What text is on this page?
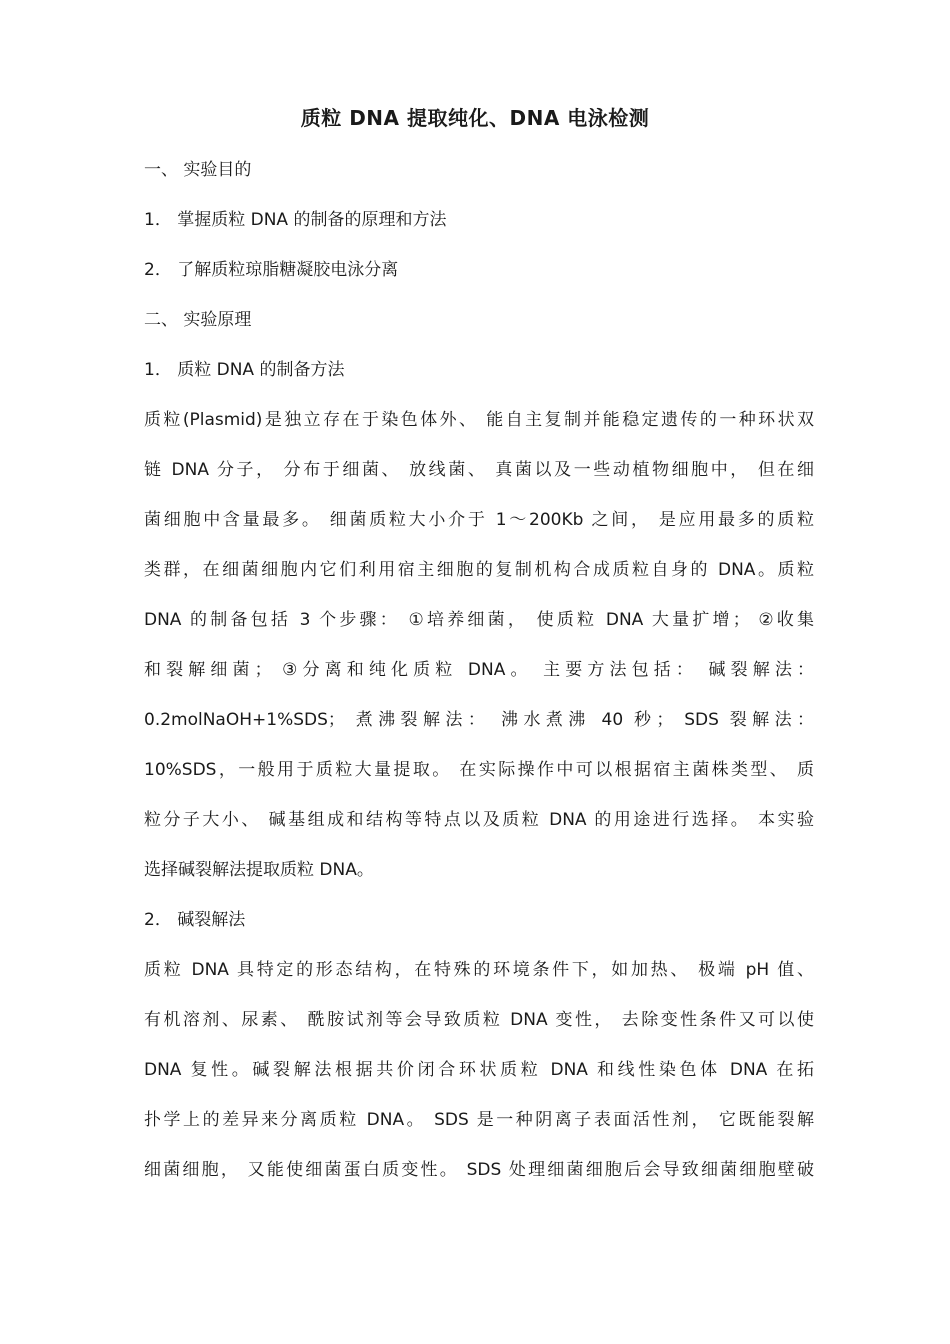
质粒 DNA 提取纯化、DNA 电泳检测
一、 实验目的
1． 掌握质粒 DNA 的制备的原理和方法
2． 了解质粒琼脂糖凝胶电泳分离
二、 实验原理
1． 质粒 DNA 的制备方法
质粒(Plasmid)是独立存在于染色体外、 能自主复制并能稳定遗传的一种环状双
链 DNA 分子， 分布于细菌、 放线菌、 真菌以及一些动植物细胞中， 但在细
菌细胞中含量最多。 细菌质粒大小介于 1～200Kb 之间， 是应用最多的质粒
类群，在细菌细胞内它们利用宿主细胞的复制机构合成质粒自身的 DNA。质粒
DNA 的制备包括 3 个步骤： ①培养细菌， 使质粒 DNA 大量扩增； ②收集
和裂解细菌； ③分离和纯化质粒 DNA。 主要方法包括： 碱裂解法：
0.2molNaOH+1%SDS； 煮沸裂解法： 沸水煮沸 40 秒； SDS 裂解法：
10%SDS，一般用于质粒大量提取。 在实际操作中可以根据宿主菌株类型、 质
粒分子大小、 碱基组成和结构等特点以及质粒 DNA 的用途进行选择。 本实验
选择碱裂解法提取质粒 DNA。
2． 碱裂解法
质粒 DNA 具特定的形态结构，在特殊的环境条件下，如加热、 极端 pH 值、
有机溶剂、尿素、 酰胺试剂等会导致质粒 DNA 变性， 去除变性条件又可以使
DNA 复性。碱裂解法根据共价闭合环状质粒 DNA 和线性染色体 DNA 在拓
扑学上的差异来分离质粒 DNA。 SDS 是一种阴离子表面活性剂， 它既能裂解
细菌细胞， 又能使细菌蛋白质变性。 SDS 处理细菌细胞后会导致细菌细胞壁破
